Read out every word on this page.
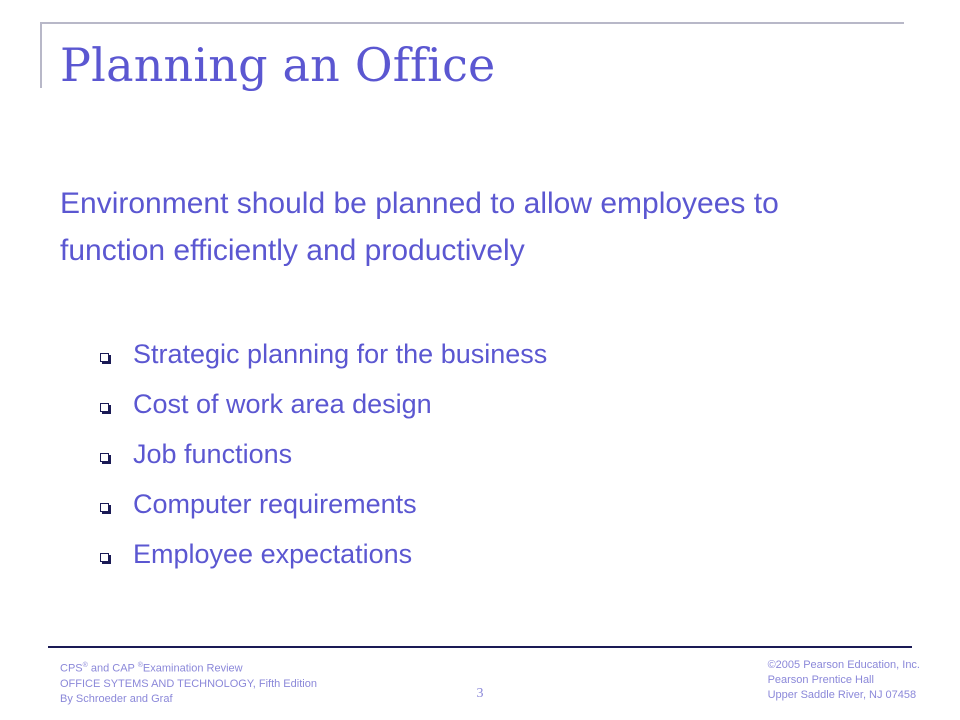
Planning an Office
Environment should be planned to allow employees to function efficiently and productively
Strategic planning for the business
Cost of work area design
Job functions
Computer requirements
Employee expectations
CPS® and CAP ®Examination Review
OFFICE SYTEMS AND TECHNOLOGY, Fifth Edition
By Schroeder and Graf	3
©2005 Pearson Education, Inc.
Pearson Prentice Hall
Upper Saddle River, NJ 07458
